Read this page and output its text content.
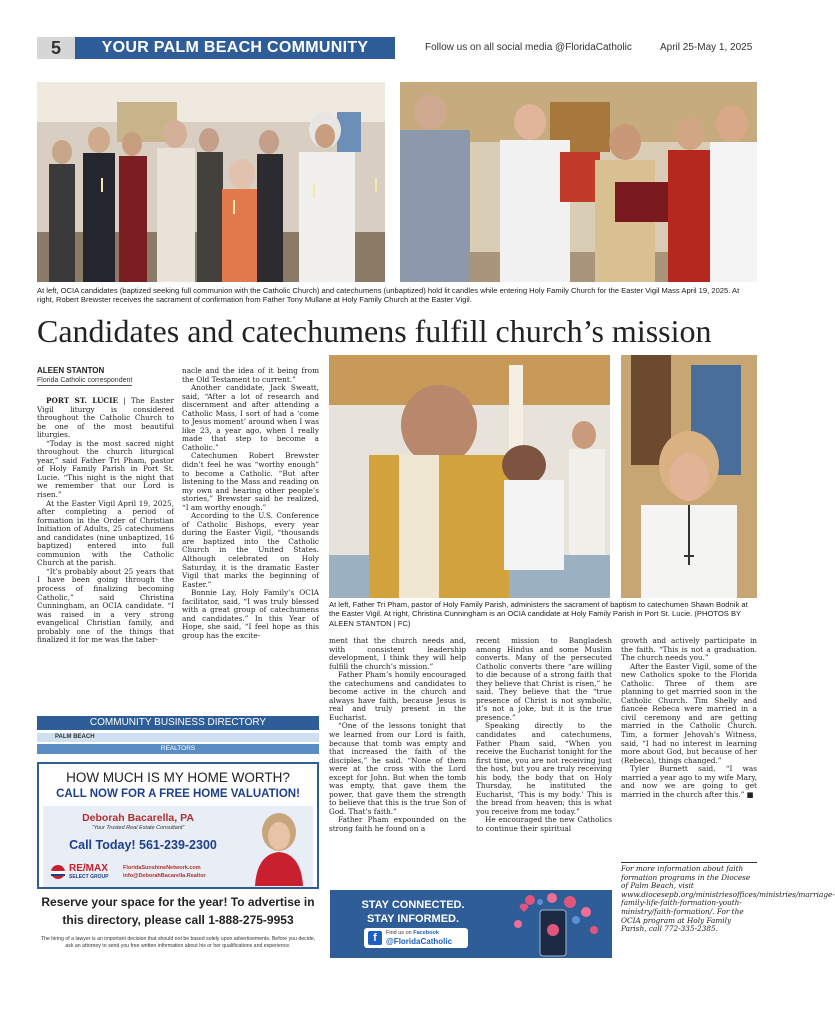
5	YOUR PALM BEACH COMMUNITY	Follow us on all social media @FloridaCatholic	April 25-May 1, 2025
At left, OCIA candidates (baptized seeking full communion with the Catholic Church) and catechumens (unbaptized) hold lit candles while entering Holy Family Church for the Easter Vigil Mass April 19, 2025. At right, Robert Brewster receives the sacrament of confirmation from Father Tony Mullane at Holy Family Church at the Easter Vigil.
Candidates and catechumens fulfill church’s mission
At left, Father Tri Pham, pastor of Holy Family Parish, administers the sacrament of baptism to catechumen Shawn Bodnik at the Easter Vigil. At right, Christina Cunningham is an OCIA candidate at Holy Family Parish in Port St. Lucie. (PHOTOS BY ALEEN STANTON | FC)
ALEEN STANTON
Florida Catholic correspondent

PORT ST. LUCIE | The Easter Vigil liturgy is considered throughout the Catholic Church to be one of the most beautiful liturgies.

“Today is the most sacred night throughout the church liturgical year,” said Father Tri Pham, pastor of Holy Family Parish in Port St. Lucie. “This night is the night that we remember that our Lord is risen.”

At the Easter Vigil April 19, 2025, after completing a period of formation in the Order of Christian Initiation of Adults, 25 catechumens and candidates (nine unbaptized, 16 baptized) entered into full communion with the Catholic Church at the parish.

“It’s probably about 25 years that I have been going through the process of finalizing becoming Catholic,” said Christina Cunningham, an OCIA candidate. “I was raised in a very strong evangelical Christian family, and probably one of the things that finalized it for me was the taber-

nacle and the idea of it being from the Old Testament to current.”

Another candidate, Jack Sweatt, said, “After a lot of research and discernment and after attending a Catholic Mass, I sort of had a ‘come to Jesus moment’ around when I was like 23, a year ago, when I really made that step to become a Catholic.”

Catechumen Robert Brewster didn’t feel he was “worthy enough” to become a Catholic. “But after listening to the Mass and reading on my own and hearing other people’s stories,” Brewster said he realized, “I am worthy enough.”

According to the U.S. Conference of Catholic Bishops, every year during the Easter Vigil, “thousands are baptized into the Catholic Church in the United States. Although celebrated on Holy Saturday, it is the dramatic Easter Vigil that marks the beginning of Easter.”

Bonnie Lay, Holy Family’s OCIA facilitator, said, “I was truly blessed with a great group of catechumens and candidates.” In this Year of Hope, she said, “I feel hope as this group has the excite-

ment that the church needs and, with consistent leadership development, I think they will help fulfill the church’s mission.”

Father Pham’s homily encouraged the catechumens and candidates to become active in the church and always have faith, because Jesus is real and truly present in the Eucharist.

“One of the lessons tonight that we learned from our Lord is faith, because that tomb was empty and that increased the faith of the disciples,” he said. “None of them were at the cross with the Lord except for John. But when the tomb was empty, that gave them the power, that gave them the strength to believe that this is the true Son of God. That’s faith.”

Father Pham expounded on the strong faith he found on a

recent mission to Bangladesh among Hindus and some Muslim converts. Many of the persecuted Catholic converts there “are willing to die because of a strong faith that they believe that Christ is risen,” he said. They believe that the “true presence of Christ is not symbolic, it’s not a joke, but it is the true presence.”

Speaking directly to the candidates and catechumens, Father Pham said, “When you receive the Eucharist tonight for the first time, you are not receiving just the host, but you are truly receiving his body, the body that on Holy Thursday, he instituted the Eucharist, ‘This is my body.’ This is the bread from heaven; this is what you receive from me today.”

He encouraged the new Catholics to continue their spiritual

growth and actively participate in the faith. “This is not a graduation. The church needs you.”

After the Easter Vigil, some of the new Catholics spoke to the Florida Catholic. Three of them are planning to get married soon in the Catholic Church. Tim Shelly and fiancée Rebeca were married in a civil ceremony and are getting married in the Catholic Church. Tim, a former Jehovah’s Witness, said, “I had no interest in learning more about God, but because of her (Rebeca), things changed.”

Tyler Burnett said, “I was married a year ago to my wife Mary, and now we are going to get married in the church after this.” ■

For more information about faith formation programs in the Diocese of Palm Beach, visit www.diocesepb.org/ministriesoffices/ministries/marriage-family-life-faith-formation-youth-ministry/faith-formation/. For the OCIA program at Holy Family Parish, call 772-335-2385.
COMMUNITY BUSINESS DIRECTORY
PALM BEACH
REALTORS
HOW MUCH IS MY HOME WORTH?
CALL NOW FOR A FREE HOME VALUATION!
Deborah Bacarella, PA
“Your Trusted Real Estate Consultant”
Call Today! 561-239-2300
RE/MAX
SELECT GROUP
FloridaSunshineNetwork.com
info@DeborahBacarella.Realtor
Reserve your space for the year! To advertise in this directory, please call 1-888-275-9953
The hiring of a lawyer is an important decision that should not be based solely upon advertisements. Before you decide, ask an attorney to send you free written information about his or her qualifications and experience.
STAY CONNECTED.
STAY INFORMED.
f	Find us on Facebook
@FloridaCatholic
